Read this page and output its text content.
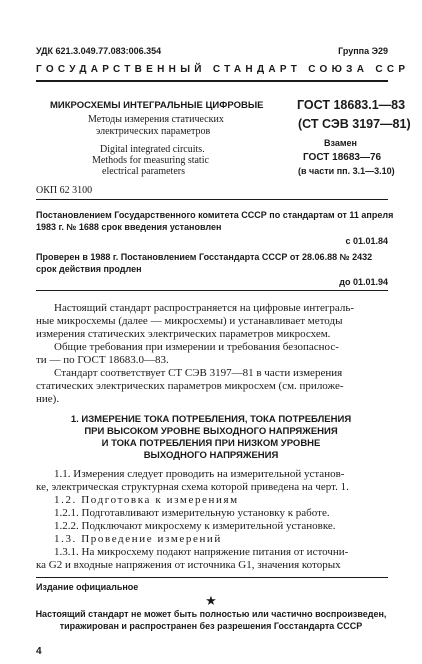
УДК 621.3.049.77.083:006.354	Группа Э29
ГОСУДАРСТВЕННЫЙ СТАНДАРТ СОЮЗА ССР
МИКРОСХЕМЫ ИНТЕГРАЛЬНЫЕ ЦИФРОВЫЕ
Методы измерения статических
электрических параметров
Digital integrated circuits.
Methods for measuring static
electrical parameters
ГОСТ 18683.1—83
(СТ СЭВ 3197—81)
Взамен
ГОСТ 18683—76
(в части пп. 3.1—3.10)
ОКП 62 3100
Постановлением Государственного комитета СССР по стандартам от 11 апреля
1983 г. № 1688 срок введения установлен
с 01.01.84
Проверен в 1988 г. Постановлением Госстандарта СССР от 28.06.88 № 2432
срок действия продлен
до 01.01.94
Настоящий стандарт распространяется на цифровые интеграль-
ные микросхемы (далее — микросхемы) и устанавливает методы
измерения статических электрических параметров микросхем.
Общие требования при измерении и требования безопаснос-
ти — по ГОСТ 18683.0—83.
Стандарт соответствует СТ СЭВ 3197—81 в части измерения
статических электрических параметров микросхем (см. приложе-
ние).
1. ИЗМЕРЕНИЕ ТОКА ПОТРЕБЛЕНИЯ, ТОКА ПОТРЕБЛЕНИЯ
ПРИ ВЫСОКОМ УРОВНЕ ВЫХОДНОГО НАПРЯЖЕНИЯ
И ТОКА ПОТРЕБЛЕНИЯ ПРИ НИЗКОМ УРОВНЕ
ВЫХОДНОГО НАПРЯЖЕНИЯ
1.1. Измерения следует проводить на измерительной установ-
ке, электрическая структурная схема которой приведена на черт. 1.
1.2. Подготовка к измерениям
1.2.1. Подготавливают измерительную установку к работе.
1.2.2. Подключают микросхему к измерительной установке.
1.3. Проведение измерений
1.3.1. На микросхему подают напряжение питания от источни-
ка G2 и входные напряжения от источника G1, значения которых
Издание официальное
★
Настоящий стандарт не может быть полностью или частично воспроизведен,
тиражирован и распространен без разрешения Госстандарта СССР
4
